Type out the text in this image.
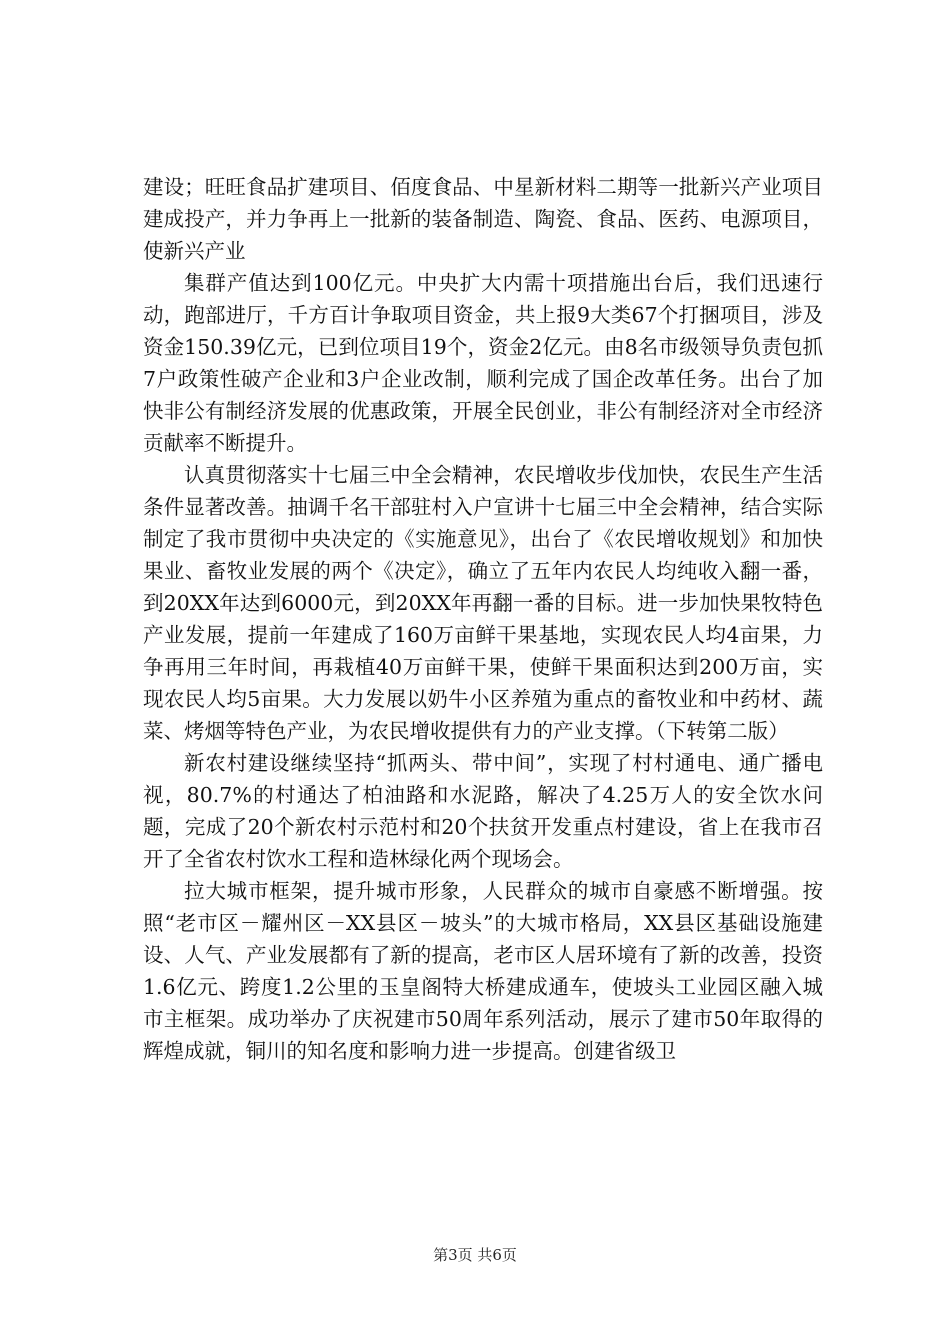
建设；旺旺食品扩建项目、佰度食品、中星新材料二期等一批新兴产业项目建成投产，并力争再上一批新的装备制造、陶瓷、食品、医药、电源项目，使新兴产业

集群产值达到100亿元。中央扩大内需十项措施出台后，我们迅速行动，跑部进厅，千方百计争取项目资金，共上报9大类67个打捆项目，涉及资金150.39亿元，已到位项目19个，资金2亿元。由8名市级领导负责包抓7户政策性破产企业和3户企业改制，顺利完成了国企改革任务。出台了加快非公有制经济发展的优惠政策，开展全民创业，非公有制经济对全市经济贡献率不断提升。

认真贯彻落实十七届三中全会精神，农民增收步伐加快，农民生产生活条件显著改善。抽调千名干部驻村入户宣讲十七届三中全会精神，结合实际制定了我市贯彻中央决定的《实施意见》，出台了《农民增收规划》和加快果业、畜牧业发展的两个《决定》，确立了五年内农民人均纯收入翻一番，到20XX年达到6000元，到20XX年再翻一番的目标。进一步加快果牧特色产业发展，提前一年建成了160万亩鲜干果基地，实现农民人均4亩果，力争再用三年时间，再栽植40万亩鲜干果，使鲜干果面积达到200万亩，实现农民人均5亩果。大力发展以奶牛小区养殖为重点的畜牧业和中药材、蔬菜、烤烟等特色产业，为农民增收提供有力的产业支撑。（下转第二版）

新农村建设继续坚持“抓两头、带中间”，实现了村村通电、通广播电视，80.7%的村通达了柏油路和水泥路，解决了4.25万人的安全饮水问题，完成了20个新农村示范村和20个扶贫开发重点村建设，省上在我市召开了全省农村饮水工程和造林绿化两个现场会。

拉大城市框架，提升城市形象，人民群众的城市自豪感不断增强。按照“老市区－耀州区－XX县区－坡头”的大城市格局，XX县区基础设施建设、人气、产业发展都有了新的提高，老市区人居环境有了新的改善，投资1.6亿元、跨度1.2公里的玉皇阁特大桥建成通车，使坡头工业园区融入城市主框架。成功举办了庆祝建市50周年系列活动，展示了建市50年取得的辉煌成就，铜川的知名度和影响力进一步提高。创建省级卫

第3页 共6页
